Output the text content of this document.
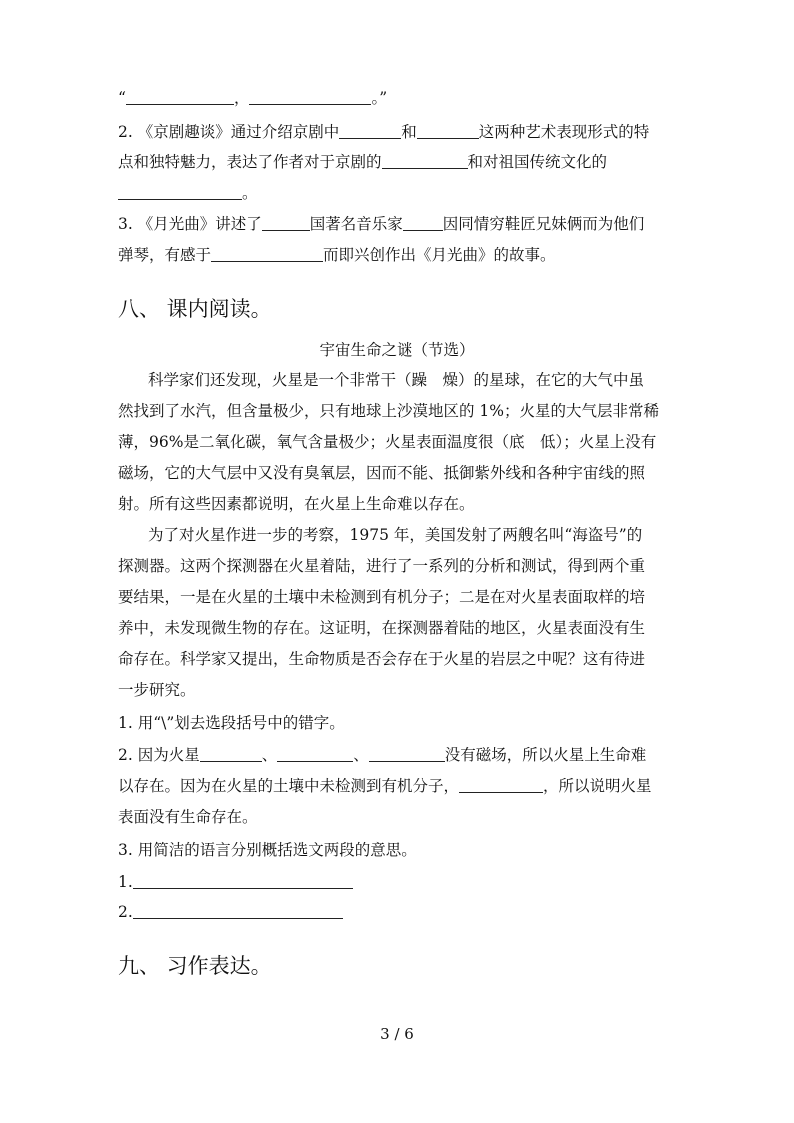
“	，	。”
2. 《京剧趣谈》通过介绍京剧中	和	这两种艺术表现形式的特
点和独特魅力，表达了作者对于京剧的	和对祖国传统文化的
。
3. 《月光曲》讲述了	国著名音乐家	因同情穷鞋匠兄妹俩而为他们
弹琴，有感于	而即兴创作出《月光曲》的故事。
八、 课内阅读。
宇宙生命之谜（节选）
科学家们还发现，火星是一个非常干（躁　燥）的星球，在它的大气中虽
然找到了水汽，但含量极少，只有地球上沙漠地区的 1%；火星的大气层非常稀
薄，96%是二氧化碳，氧气含量极少；火星表面温度很（底　低）；火星上没有
磁场，它的大气层中又没有臭氧层，因而不能、抵御紫外线和各种宇宙线的照
射。所有这些因素都说明，在火星上生命难以存在。
为了对火星作进一步的考察，1975 年，美国发射了两艘名叫“海盗号”的
探测器。这两个探测器在火星着陆，进行了一系列的分析和测试，得到两个重
要结果，一是在火星的土壤中未检测到有机分子；二是在对火星表面取样的培
养中，未发现微生物的存在。这证明，在探测器着陆的地区，火星表面没有生
命存在。科学家又提出，生命物质是否会存在于火星的岩层之中呢？这有待进
一步研究。
1. 用“\”划去选段括号中的错字。
2. 因为火星	、	、	没有磁场，所以火星上生命难
以存在。因为在火星的土壤中未检测到有机分子，	，所以说明火星
表面没有生命存在。
3. 用简洁的语言分别概括选文两段的意思。
1.
2.
九、 习作表达。
3 / 6
